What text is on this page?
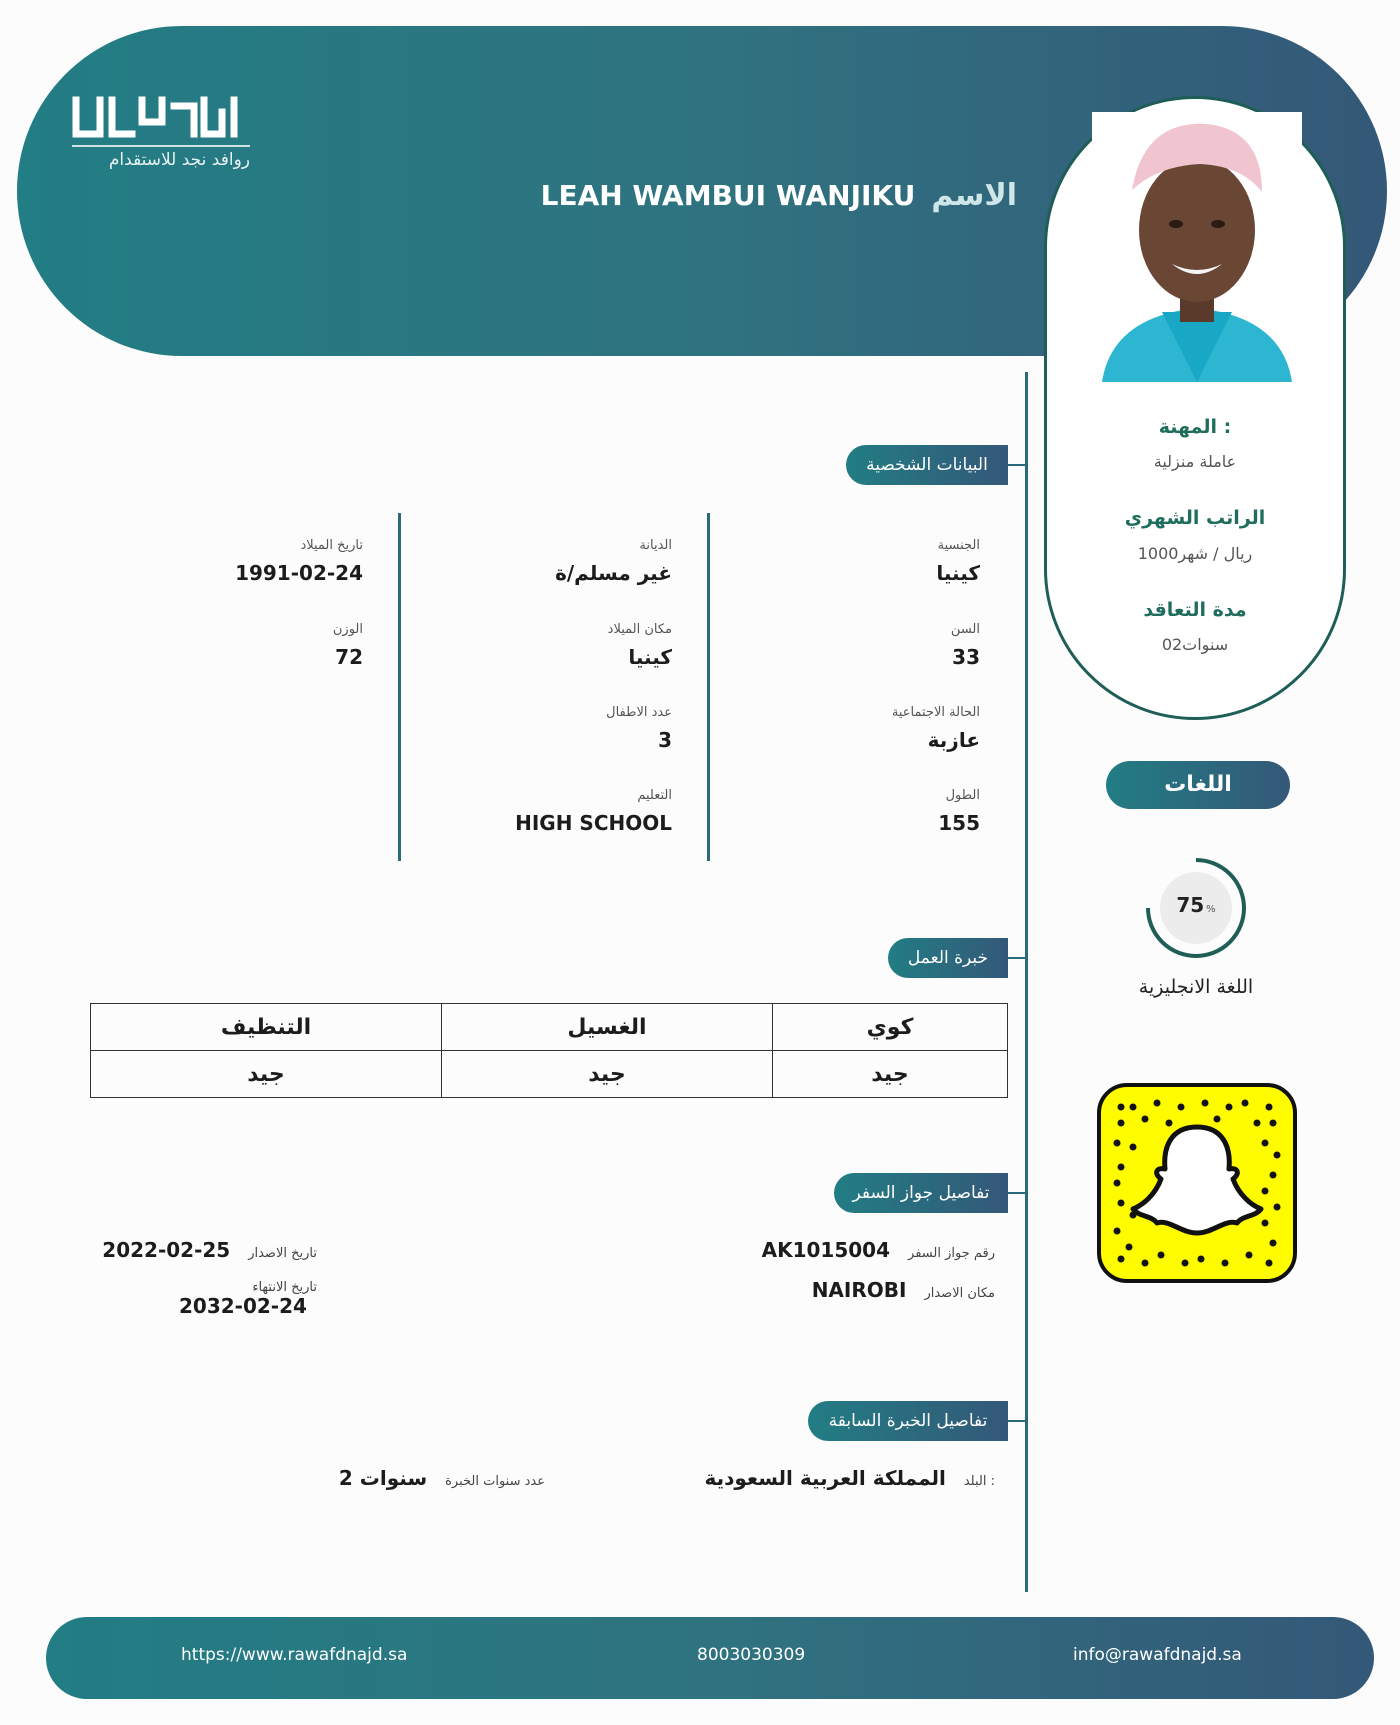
روافد نجد للاستقدام
الاسم
LEAH WAMBUI WANJIKU
المهنة :
عاملة منزلية
الراتب الشهري
1000ريال / شهر
مدة التعاقد
02سنوات
اللغات
75 %
اللغة الانجليزية
البيانات الشخصية
خبرة العمل
تفاصيل جواز السفر
تفاصيل الخبرة السابقة
الجنسية
كينيا
السن
33
الحالة الاجتماعية
عازبة
الطول
155
الديانة
غير مسلم/ة
مكان الميلاد
كينيا
عدد الاطفال
3
التعليم
HIGH SCHOOL
تاريخ الميلاد
1991-02-24
الوزن
72
التنظيف	الغسيل	كوي
جيد	جيد	جيد
رقم جواز السفر
AK1015004
مكان الاصدار
NAIROBI
تاريخ الاصدار
2022-02-25
تاريخ الانتهاء
2032-02-24
البلد :
المملكة العربية السعودية
عدد سنوات الخبرة
2 سنوات
https://www.rawafdnajd.sa	8003030309	info@rawafdnajd.sa
